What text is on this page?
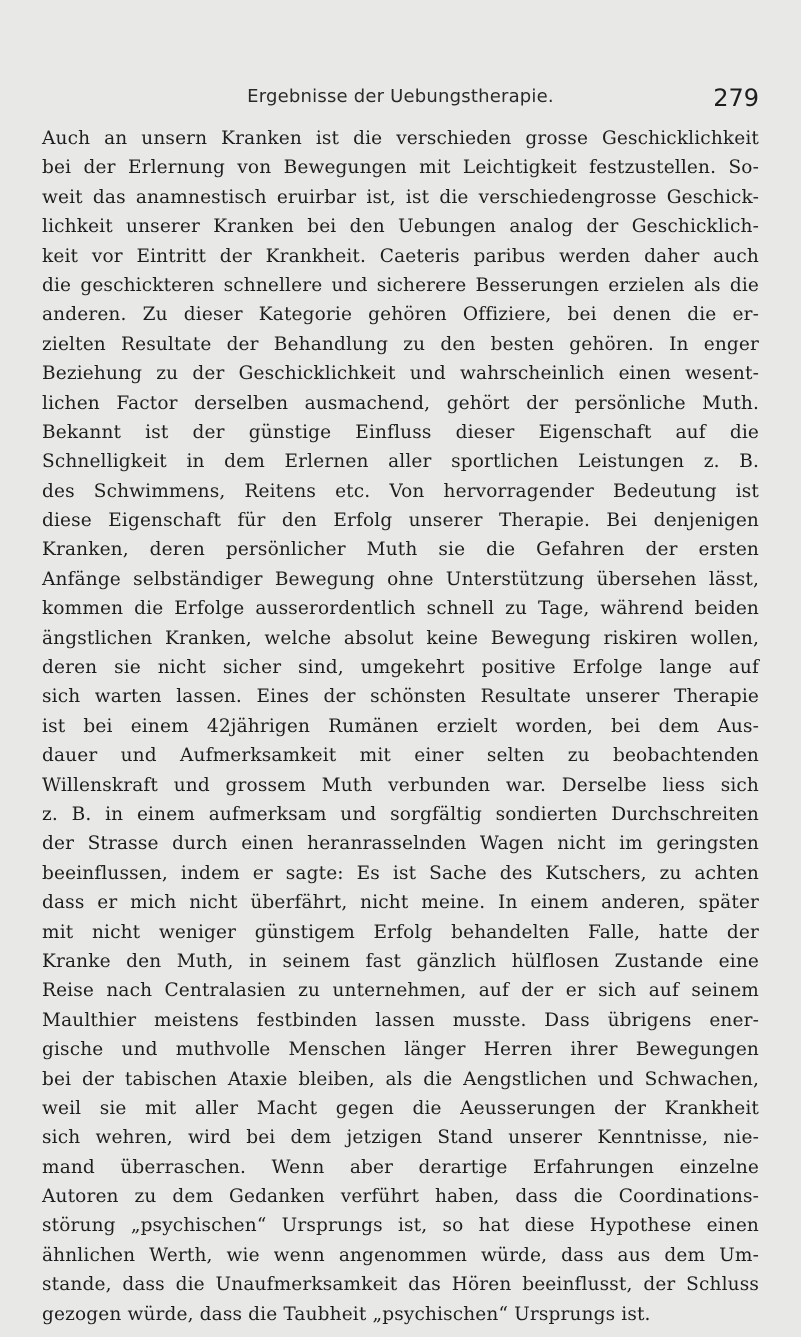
Ergebnisse der Uebungstherapie.	279
Auch an unsern Kranken ist die verschieden grosse Geschicklichkeit
bei der Erlernung von Bewegungen mit Leichtigkeit festzustellen. So-
weit das anamnestisch eruirbar ist, ist die verschiedengrosse Geschick-
lichkeit unserer Kranken bei den Uebungen analog der Geschicklich-
keit vor Eintritt der Krankheit. Caeteris paribus werden daher auch
die geschickteren schnellere und sicherere Besserungen erzielen als die
anderen. Zu dieser Kategorie gehören Offiziere, bei denen die er-
zielten Resultate der Behandlung zu den besten gehören. In enger
Beziehung zu der Geschicklichkeit und wahrscheinlich einen wesent-
lichen Factor derselben ausmachend, gehört der persönliche Muth.
Bekannt ist der günstige Einfluss dieser Eigenschaft auf die
Schnelligkeit in dem Erlernen aller sportlichen Leistungen z. B.
des Schwimmens, Reitens etc. Von hervorragender Bedeutung ist
diese Eigenschaft für den Erfolg unserer Therapie. Bei denjenigen
Kranken, deren persönlicher Muth sie die Gefahren der ersten
Anfänge selbständiger Bewegung ohne Unterstützung übersehen lässt,
kommen die Erfolge ausserordentlich schnell zu Tage, während beiden
ängstlichen Kranken, welche absolut keine Bewegung riskiren wollen,
deren sie nicht sicher sind, umgekehrt positive Erfolge lange auf
sich warten lassen. Eines der schönsten Resultate unserer Therapie
ist bei einem 42jährigen Rumänen erzielt worden, bei dem Aus-
dauer und Aufmerksamkeit mit einer selten zu beobachtenden
Willenskraft und grossem Muth verbunden war. Derselbe liess sich
z. B. in einem aufmerksam und sorgfältig sondierten Durchschreiten
der Strasse durch einen heranrasselnden Wagen nicht im geringsten
beeinflussen, indem er sagte: Es ist Sache des Kutschers, zu achten
dass er mich nicht überfährt, nicht meine. In einem anderen, später
mit nicht weniger günstigem Erfolg behandelten Falle, hatte der
Kranke den Muth, in seinem fast gänzlich hülflosen Zustande eine
Reise nach Centralasien zu unternehmen, auf der er sich auf seinem
Maulthier meistens festbinden lassen musste. Dass übrigens ener-
gische und muthvolle Menschen länger Herren ihrer Bewegungen
bei der tabischen Ataxie bleiben, als die Aengstlichen und Schwachen,
weil sie mit aller Macht gegen die Aeusserungen der Krankheit
sich wehren, wird bei dem jetzigen Stand unserer Kenntnisse, nie-
mand überraschen. Wenn aber derartige Erfahrungen einzelne
Autoren zu dem Gedanken verführt haben, dass die Coordinations-
störung „psychischen“ Ursprungs ist, so hat diese Hypothese einen
ähnlichen Werth, wie wenn angenommen würde, dass aus dem Um-
stande, dass die Unaufmerksamkeit das Hören beeinflusst, der Schluss
gezogen würde, dass die Taubheit „psychischen“ Ursprungs ist.
